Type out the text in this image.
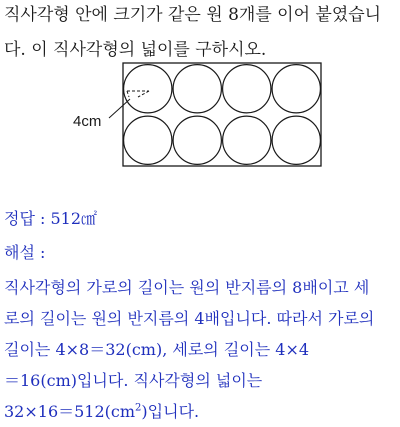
직사각형 안에 크기가 같은 원 8개를 이어 붙였습니
다. 이 직사각형의 넓이를 구하시오.
4cm
정답 : 512㎠
해설 :
직사각형의 가로의 길이는 원의 반지름의 8배이고 세
로의 길이는 원의 반지름의 4배입니다. 따라서 가로의
길이는 4×8＝32(cm), 세로의 길이는 4×4
＝16(cm)입니다. 직사각형의 넓이는
$32\times 16=512(cm^2)$입니다.
